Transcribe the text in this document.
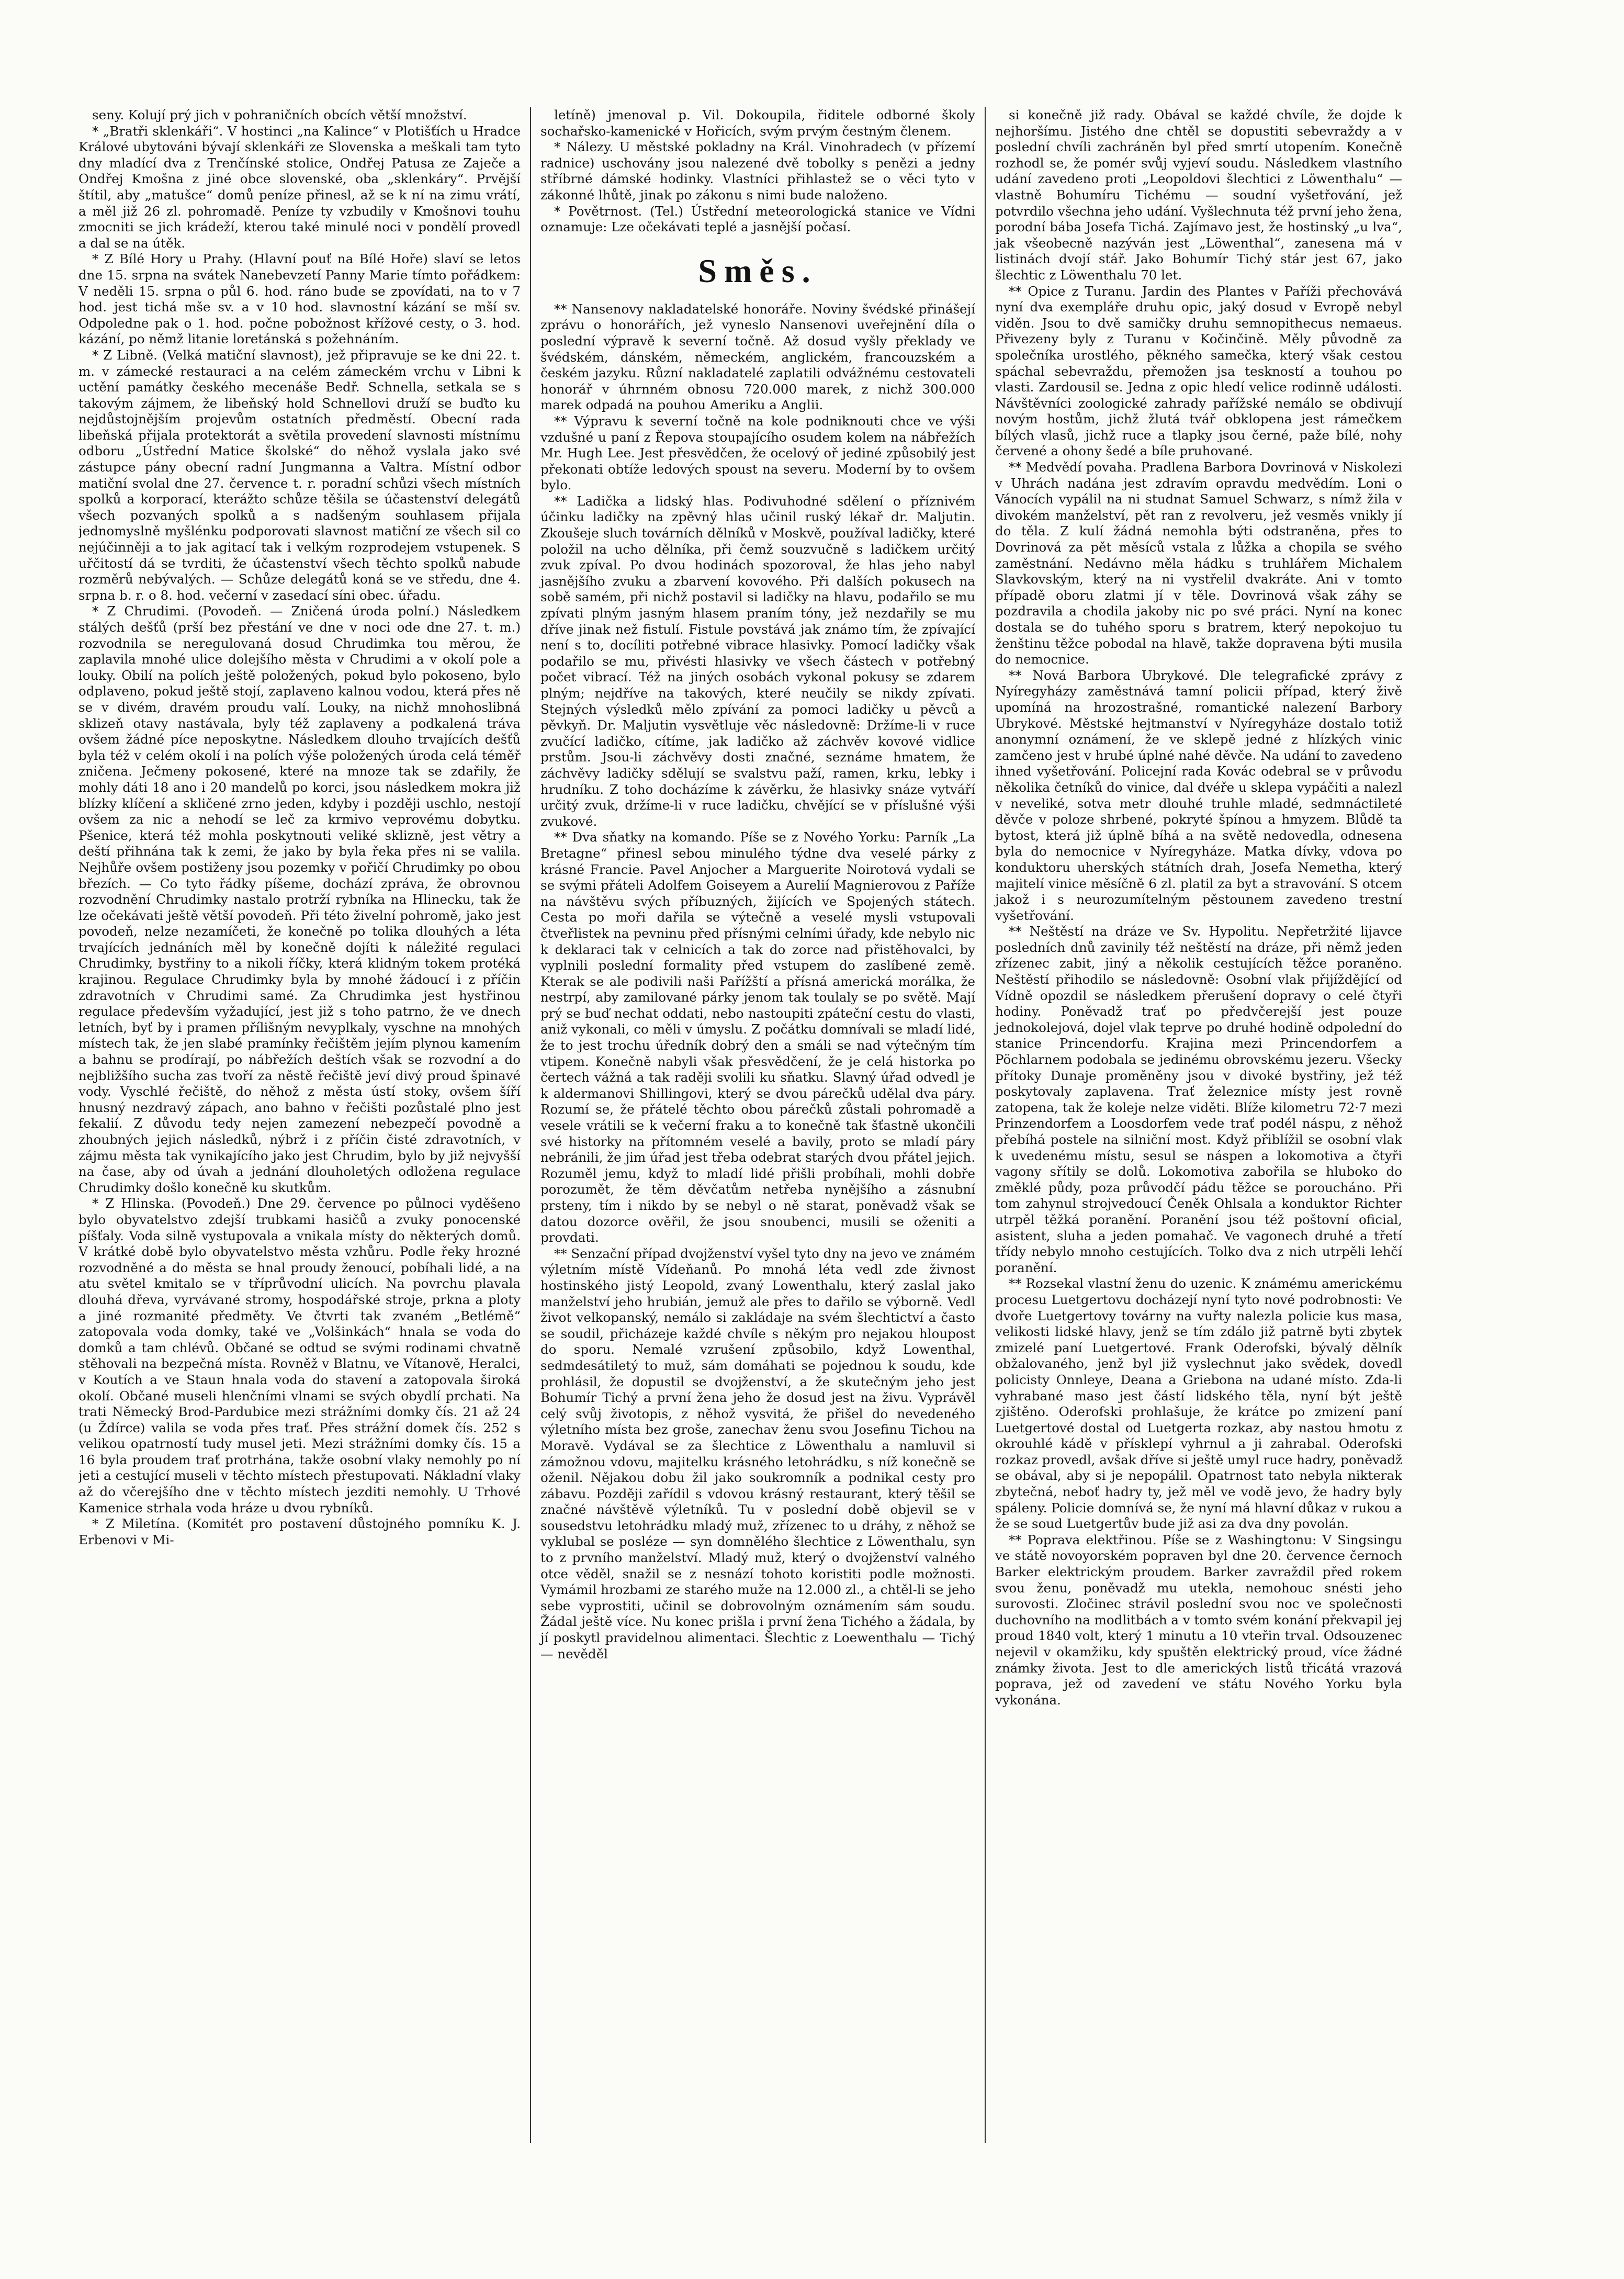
seny. Kolují prý jich v pohraničních obcích větší množství.

* „Bratři sklenkáři“. V hostinci „na Kalince“ v Plotišťích u Hradce Králové ubytováni bývají sklenkáři ze Slovenska a meškali tam tyto dny mladící dva z Trenčínské stolice, Ondřej Patusa ze Zaječe a Ondřej Kmošna z jiné obce slovenské, oba „sklenkáry“. Prvější štítil, aby „matušce“ domů peníze přinesl, až se k ní na zimu vrátí, a měl již 26 zl. pohromadě. Peníze ty vzbudily v Kmošnovi touhu zmocniti se jich krádeží, kterou také minulé noci v pondělí provedl a dal se na útěk.

* Z Bílé Hory u Prahy. (Hlavní pouť na Bílé Hoře) slaví se letos dne 15. srpna na svátek Nanebevzetí Panny Marie tímto pořádkem: V neděli 15. srpna o půl 6. hod. ráno bude se zpovídati, na to v 7 hod. jest tichá mše sv. a v 10 hod. slavnostní kázání se mší sv. Odpoledne pak o 1. hod. počne pobožnost křížové cesty, o 3. hod. kázání, po němž litanie loretánská s požehnáním.

* Z Libně. (Velká matiční slavnost), jež připravuje se ke dni 22. t. m. v zámecké restauraci a na celém zámeckém vrchu v Libni k uctění památky českého mecenáše Bedř. Schnella, setkala se s takovým zájmem, že libeňský hold Schnellovi druží se buďto ku nejdůstojnějším projevům ostatních předměstí. Obecní rada libeňská přijala protektorát a světila provedení slavnosti místnímu odboru „Ústřední Matice školské“ do něhož vyslala jako své zástupce pány obecní radní Jungmanna a Valtra. Místní odbor matiční svolal dne 27. července t. r. poradní schůzi všech místních spolků a korporací, kterážto schůze těšila se účastenství delegátů všech pozvaných spolků a s nadšeným souhlasem přijala jednomyslně myšlénku podporovati slavnost matiční ze všech sil co nejúčinněji a to jak agitací tak i velkým rozprodejem vstupenek. S uřčitostí dá se tvrditi, že účastenství všech těchto spolků nabude rozměrů nebývalých. — Schůze delegátů koná se ve středu, dne 4. srpna b. r. o 8. hod. večerní v zasedací síni obec. úřadu.

* Z Chrudimi. (Povodeň. — Zničená úroda polní.) Následkem stálých dešťů (prší bez přestání ve dne v noci ode dne 27. t. m.) rozvodnila se neregulovaná dosud Chrudimka tou měrou, že zaplavila mnohé ulice dolejšího města v Chrudimi a v okolí pole a louky. Obilí na polích ještě položených, pokud bylo pokoseno, bylo odplaveno, pokud ještě stojí, zaplaveno kalnou vodou, která přes ně se v divém, dravém proudu valí. Louky, na nichž mnohoslibná sklizeň otavy nastávala, byly též zaplaveny a podkalená tráva ovšem žádné píce neposkytne. Následkem dlouho trvajících dešťů byla též v celém okolí i na polích výše položených úroda celá téměř zničena. Ječmeny pokosené, které na mnoze tak se zdařily, že mohly dáti 18 ano i 20 mandelů po korci, jsou následkem mokra již blízky klíčení a skličené zrno jeden, kdyby i později uschlo, nestojí ovšem za nic a nehodí se leč za krmivo veprovému dobytku. Pšenice, která též mohla poskytnouti veliké sklizně, jest větry a deští přihnána tak k zemi, že jako by byla řeka přes ni se valila. Nejhůře ovšem postiženy jsou pozemky v pořičí Chrudimky po obou březích. — Co tyto řádky píšeme, dochází zpráva, že obrovnou rozvodnění Chrudimky nastalo protrží rybníka na Hlinecku, tak že lze očekávati ještě větší povodeň. Při této živelní pohromě, jako jest povodeň, nelze nezamíčeti, že konečně po tolika dlouhých a léta trvajících jednáních měl by konečně dojíti k náležité regulaci Chrudimky, bystřiny to a nikoli říčky, která klidným tokem protéká krajinou. Regulace Chrudimky byla by mnohé žádoucí i z příčin zdravotních v Chrudimi samé. Za Chrudimka jest hystřinou regulace především vyžadující, jest již s toho patrno, že ve dnech letních, byť by i pramen přílišným nevyplkaly, vyschne na mnohých místech tak, že jen slabé pramínky řečištěm jejím plynou kamením a bahnu se prodírají, po nábřežích deštích však se rozvodní a do nejbližšího sucha zas tvoří za něstě řečiště jeví divý proud špinavé vody. Vyschlé řečiště, do něhož z města ústí stoky, ovšem šíří hnusný nezdravý zápach, ano bahno v řečišti pozůstalé plno jest fekalií. Z důvodu tedy nejen zamezení nebezpečí povodně a zhoubných jejich následků, nýbrž i z příčin čisté zdravotních, v zájmu města tak vynikajícího jako jest Chrudim, bylo by již nejvyšší na čase, aby od úvah a jednání dlouholetých odložena regulace Chrudimky došlo konečně ku skutkům.

* Z Hlinska. (Povodeň.) Dne 29. července po půlnoci vyděšeno bylo obyvatelstvo zdejší trubkami hasičů a zvuky ponocenské píšťaly. Voda silně vystupovala a vnikala místy do některých domů. V krátké době bylo obyvatelstvo města vzhůru. Podle řeky hrozné rozvodněné a do města se hnal proudy ženoucí, pobíhali lidé, a na atu světel kmitalo se v tříprůvodní ulicích. Na povrchu plavala dlouhá dřeva, vyrvávané stromy, hospodářské stroje, prkna a ploty a jiné rozmanité předměty. Ve čtvrti tak zvaném „Betlémě“ zatopovala voda domky, také ve „Volšinkách“ hnala se voda do domků a tam chlévů. Občané se odtud se svými rodinami chvatně stěhovali na bezpečná místa. Rovněž v Blatnu, ve Vítanově, Heralci, v Koutích a ve Staun hnala voda do stavení a zatopovala široká okolí. Občané museli hlenčními vlnami se svých obydlí prchati. Na trati Německý Brod-Pardubice mezi strážními domky čís. 21 až 24 (u Ždírce) valila se voda přes trať. Přes strážní domek čís. 252 s velikou opatrností tudy musel jeti. Mezi strážními domky čís. 15 a 16 byla proudem trať protrhána, takže osobní vlaky nemohly po ní jeti a cestující museli v těchto místech přestupovati. Nákladní vlaky až do včerejšího dne v těchto místech jezditi nemohly. U Trhové Kamenice strhala voda hráze u dvou rybníků.

* Z Miletína. (Komitét pro postavení důstojného pomníku K. J. Erbenovi v Mi-

letíně) jmenoval p. Vil. Dokoupila, řiditele odborné školy sochařsko-kamenické v Hořicích, svým prvým čestným členem.

* Nálezy. U městské pokladny na Král. Vinohradech (v přízemí radnice) uschovány jsou nalezené dvě tobolky s penězi a jedny stříbrné dámské hodinky. Vlastníci přihlastež se o věci tyto v zákonné lhůtě, jinak po zákonu s nimi bude naloženo.

* Povětrnost. (Tel.) Ústřední meteorologická stanice ve Vídni oznamuje: Lze očekávati teplé a jasnější počasí.

Směs.

** Nansenovy nakladatelské honoráře. Noviny švédské přinášejí zprávu o honorářích, jež vyneslo Nansenovi uveřejnění díla o poslední výpravě k severní točně. Až dosud vyšly překlady ve švédském, dánském, německém, anglickém, francouzském a českém jazyku. Různí nakladatelé zaplatili odvážnému cestovateli honorář v úhrnném obnosu 720.000 marek, z nichž 300.000 marek odpadá na pouhou Ameriku a Anglii.

** Výpravu k severní točně na kole podniknouti chce ve výši vzdušné u paní z Řepova stoupajícího osudem kolem na nábřežích Mr. Hugh Lee. Jest přesvědčen, že ocelový oř jediné způsobilý jest překonati obtíže ledových spoust na severu. Moderní by to ovšem bylo.

** Ladička a lidský hlas. Podivuhodné sdělení o příznivém účinku ladičky na zpěvný hlas učinil ruský lékař dr. Maljutin. Zkoušeje sluch továrních dělníků v Moskvě, používal ladičky, které položil na ucho dělníka, při čemž souzvučně s ladičkem určitý zvuk zpíval. Po dvou hodinách spozoroval, že hlas jeho nabyl jasnějšího zvuku a zbarvení kovového. Při dalších pokusech na sobě samém, při nichž postavil si ladičky na hlavu, podařilo se mu zpívati plným jasným hlasem praním tóny, jež nezdařily se mu dříve jinak než fistulí. Fistule povstává jak známo tím, že zpívající není s to, docíliti potřebné vibrace hlasivky. Pomocí ladičky však podařilo se mu, přivésti hlasivky ve všech částech v potřebný počet vibrací. Též na jiných osobách vykonal pokusy se zdarem plným; nejdříve na takových, které neučily se nikdy zpívati. Stejných výsledků mělo zpívání za pomoci ladičky u pěvců a pěvkyň. Dr. Maljutin vysvětluje věc následovně: Držíme-li v ruce zvučící ladičko, cítíme, jak ladičko až záchvěv kovové vidlice prstům. Jsou-li záchvěvy dosti značné, seznáme hmatem, že záchvěvy ladičky sdělují se svalstvu paží, ramen, krku, lebky i hrudníku. Z toho docházíme k závěrku, že hlasivky snáze vytváří určitý zvuk, držíme-li v ruce ladičku, chvějící se v příslušné výši zvukové.

** Dva sňatky na komando. Píše se z Nového Yorku: Parník „La Bretagne“ přinesl sebou minulého týdne dva veselé párky z krásné Francie. Pavel Anjocher a Marguerite Noirotová vydali se se svými přáteli Adolfem Goiseyem a Aurelií Magnierovou z Paříže na návštěvu svých příbuzných, žijících ve Spojených státech. Cesta po moři dařila se výtečně a veselé mysli vstupovali čtveřlistek na pevninu před přísnými celními úřady, kde nebylo nic k deklaraci tak v celnicích a tak do zorce nad přistěhovalci, by vyplnili poslední formality před vstupem do zaslíbené země. Kterak se ale podivili naši Pařížští a přísná americká morálka, že nestrpí, aby zamilované párky jenom tak toulaly se po světě. Mají prý se buď nechat oddati, nebo nastoupiti zpáteční cestu do vlasti, aniž vykonali, co měli v úmyslu. Z počátku domnívali se mladí lidé, že to jest trochu úředník dobrý den a smáli se nad výtečným tím vtipem. Konečně nabyli však přesvědčení, že je celá historka po čertech vážná a tak raději svolili ku sňatku. Slavný úřad odvedl je k aldermanovi Shillingovi, který se dvou párečků udělal dva páry. Rozumí se, že přátelé těchto obou párečků zůstali pohromadě a vesele vrátili se k večerní fraku a to konečně tak šťastně ukončili své historky na přítomném veselé a bavily, proto se mladí páry nebránili, že jim úřad jest třeba odebrat starých dvou přátel jejich. Rozuměl jemu, když to mladí lidé přišli probíhali, mohli dobře porozumět, že těm děvčatům netřeba nynějšího a zásnubní prsteny, tím i nikdo by se nebyl o ně starat, poněvadž však se datou dozorce ověřil, že jsou snoubenci, musili se oženiti a provdati.

** Senzační případ dvojženství vyšel tyto dny na jevo ve známém výletním místě Vídeňanů. Po mnohá léta vedl zde živnost hostinského jistý Leopold, zvaný Lowenthalu, který zaslal jako manželství jeho hrubián, jemuž ale přes to dařilo se výborně. Vedl život velkopanský, nemálo si zakládaje na svém šlechtictví a často se soudil, přicházeje každé chvíle s někým pro nejakou hloupost do sporu. Nemalé vzrušení způsobilo, když Lowenthal, sedmdesátiletý to muž, sám domáhati se pojednou k soudu, kde prohlásil, že dopustil se dvojženství, a že skutečným jeho jest Bohumír Tichý a první žena jeho že dosud jest na živu. Vyprávěl celý svůj životopis, z něhož vysvitá, že přišel do nevedeného výletního místa bez groše, zanechav ženu svou Josefinu Tichou na Moravě. Vydával se za šlechtice z Löwenthalu a namluvil si zámožnou vdovu, majitelku krásného letohrádku, s níž konečně se oženil. Nějakou dobu žil jako soukromník a podnikal cesty pro zábavu. Později zařídil s vdovou krásný restaurant, který těšil se značné návštěvě výletníků. Tu v poslední době objevil se v sousedstvu letohrádku mladý muž, zřízenec to u dráhy, z něhož se vyklubal se posléze — syn domnělého šlechtice z Löwenthalu, syn to z prvního manželství. Mladý muž, který o dvojženství valného otce věděl, snažil se z nesnází tohoto koristiti podle možnosti. Vymámil hrozbami ze starého muže na 12.000 zl., a chtěl-li se jeho sebe vyprostiti, učinil se dobrovolným oznámením sám soudu. Žádal ještě více. Nu konec prišla i první žena Tichého a žádala, by jí poskytl pravidelnou alimentaci. Šlechtic z Loewenthalu — Tichý — nevěděl

si konečně již rady. Obával se každé chvíle, že dojde k nejhoršímu. Jistého dne chtěl se dopustiti sebevraždy a v poslední chvíli zachráněn byl před smrtí utopením. Konečně rozhodl se, že pomér svůj vyjeví soudu. Následkem vlastního udání zavedeno proti „Leopoldovi šlechtici z Löwenthalu“ — vlastně Bohumíru Tichému — soudní vyšetřování, jež potvrdilo všechna jeho udání. Vyšlechnuta též první jeho žena, porodní bába Josefa Tichá. Zajímavo jest, že hostinský „u lva“, jak všeobecně nazýván jest „Löwenthal“, zanesena má v listinách dvojí stář. Jako Bohumír Tichý stár jest 67, jako šlechtic z Löwenthalu 70 let.

** Opice z Turanu. Jardin des Plantes v Paříži přechovává nyní dva exempláře druhu opic, jaký dosud v Evropě nebyl viděn. Jsou to dvě samičky druhu semnopithecus nemaeus. Přivezeny byly z Turanu v Kočinčině. Měly původně za společníka urostlého, pěkného samečka, který však cestou spáchal sebevraždu, přemožen jsa teskností a touhou po vlasti. Zardousil se. Jedna z opic hledí velice rodinně události. Návštěvníci zoologické zahrady pařížské nemálo se obdivují novým hostům, jichž žlutá tvář obklopena jest rámečkem bílých vlasů, jichž ruce a tlapky jsou černé, paže bílé, nohy červené a ohony šedé a bíle pruhované.

** Medvědí povaha. Pradlena Barbora Dovrinová v Niskolezi v Uhrách nadána jest zdravím opravdu medvědím. Loni o Vánocích vypálil na ni studnat Samuel Schwarz, s nímž žila v divokém manželství, pět ran z revolveru, jež vesměs vnikly jí do těla. Z kulí žádná nemohla býti odstraněna, přes to Dovrinová za pět měsíců vstala z lůžka a chopila se svého zaměstnání. Nedávno měla hádku s truhlářem Michalem Slavkovským, který na ni vystřelil dvakráte. Ani v tomto případě oboru zlatmi jí v těle. Dovrinová však záhy se pozdravila a chodila jakoby nic po své práci. Nyní na konec dostala se do tuhého sporu s bratrem, který nepokojuo tu ženštinu těžce pobodal na hlavě, takže dopravena býti musila do nemocnice.

** Nová Barbora Ubrykové. Dle telegrafické zprávy z Nyíregyházy zaměstnává tamní policii případ, který živě upomíná na hrozostrašné, romantické nalezení Barbory Ubrykové. Městské hejtmanství v Nyíregyháze dostalo totiž anonymní oznámení, že ve sklepě jedné z hlízkých vinic zamčeno jest v hrubé úplné nahé děvče. Na udání to zavedeno ihned vyšetřování. Policejní rada Kovác odebral se v průvodu několika četníků do vinice, dal dvéře u sklepa vypáčiti a nalezl v neveliké, sotva metr dlouhé truhle mladé, sedmnáctileté děvče v poloze shrbené, pokryté špínou a hmyzem. Blůdě ta bytost, která již úplně bíhá a na světě nedovedla, odnesena byla do nemocnice v Nyíregyháze. Matka dívky, vdova po konduktoru uherských státních drah, Josefa Nemetha, který majitelí vinice měsíčně 6 zl. platil za byt a stravování. S otcem jakož i s neurozumítelným pěstounem zavedeno trestní vyšetřování.

** Neštěstí na dráze ve Sv. Hypolitu. Nepřetržité lijavce posledních dnů zavinily též neštěstí na dráze, při němž jeden zřízenec zabit, jiný a několik cestujících těžce poraněno. Neštěstí přihodilo se následovně: Osobní vlak přijíždějící od Vídně opozdil se následkem přerušení dopravy o celé čtyři hodiny. Poněvadž trať po předvčerejší jest pouze jednokolejová, dojel vlak teprve po druhé hodině odpolední do stanice Princendorfu. Krajina mezi Princendorfem a Pöchlarnem podobala se jedinému obrovskému jezeru. Všecky přítoky Dunaje proměněny jsou v divoké bystřiny, jež též poskytovaly zaplavena. Trať železnice místy jest rovně zatopena, tak že koleje nelze viděti. Blíže kilometru 72·7 mezi Prinzendorfem a Loosdorfem vede trať podél náspu, z něhož přebíhá postele na silniční most. Když přiblížil se osobní vlak k uvedenému místu, sesul se náspen a lokomotiva a čtyři vagony sřítily se dolů. Lokomotiva zabořila se hluboko do změklé půdy, poza průvodčí pádu těžce se poroucháno. Při tom zahynul strojvedoucí Čeněk Ohlsala a konduktor Richter utrpěl těžká poranění. Poranění jsou též poštovní oficial, asistent, sluha a jeden pomahač. Ve vagonech druhé a třetí třídy nebylo mnoho cestujících. Tolko dva z nich utrpěli lehčí poranění.

** Rozsekal vlastní ženu do uzenic. K známému americkému procesu Luetgertovu docházejí nyní tyto nové podrobnosti: Ve dvoře Luetgertovy továrny na vuřty nalezla policie kus masa, velikosti lidské hlavy, jenž se tím zdálo již patrně byti zbytek zmizelé paní Luetgertové. Frank Oderofski, bývalý dělník obžalovaného, jenž byl již vyslechnut jako svědek, dovedl policisty Onnleye, Deana a Griebona na udané místo. Zda-li vyhrabané maso jest částí lidského těla, nyní být ještě zjištěno. Oderofski prohlašuje, že krátce po zmizení paní Luetgertové dostal od Luetgerta rozkaz, aby nastou hmotu z okrouhlé kádě v přísklepí vyhrnul a ji zahrabal. Oderofski rozkaz provedl, avšak dříve si ještě umyl ruce hadry, poněvadž se obával, aby si je nepopálil. Opatrnost tato nebyla nikterak zbytečná, neboť hadry ty, jež měl ve vodě jevo, že hadry byly spáleny. Policie domnívá se, že nyní má hlavní důkaz v rukou a že se soud Luetgertův bude již asi za dva dny povolán.

** Poprava elektřinou. Píše se z Washingtonu: V Singsingu ve státě novoyorském popraven byl dne 20. července černoch Barker elektrickým proudem. Barker zavraždil před rokem svou ženu, poněvadž mu utekla, nemohouc snésti jeho surovosti. Zločinec strávil poslední svou noc ve společnosti duchovního na modlitbách a v tomto svém konání překvapil jej proud 1840 volt, který 1 minutu a 10 vteřin trval. Odsouzenec nejevil v okamžiku, kdy spuštěn elektrický proud, více žádné známky života. Jest to dle amerických listů třicátá vrazová poprava, jež od zavedení ve státu Nového Yorku byla vykonána.
